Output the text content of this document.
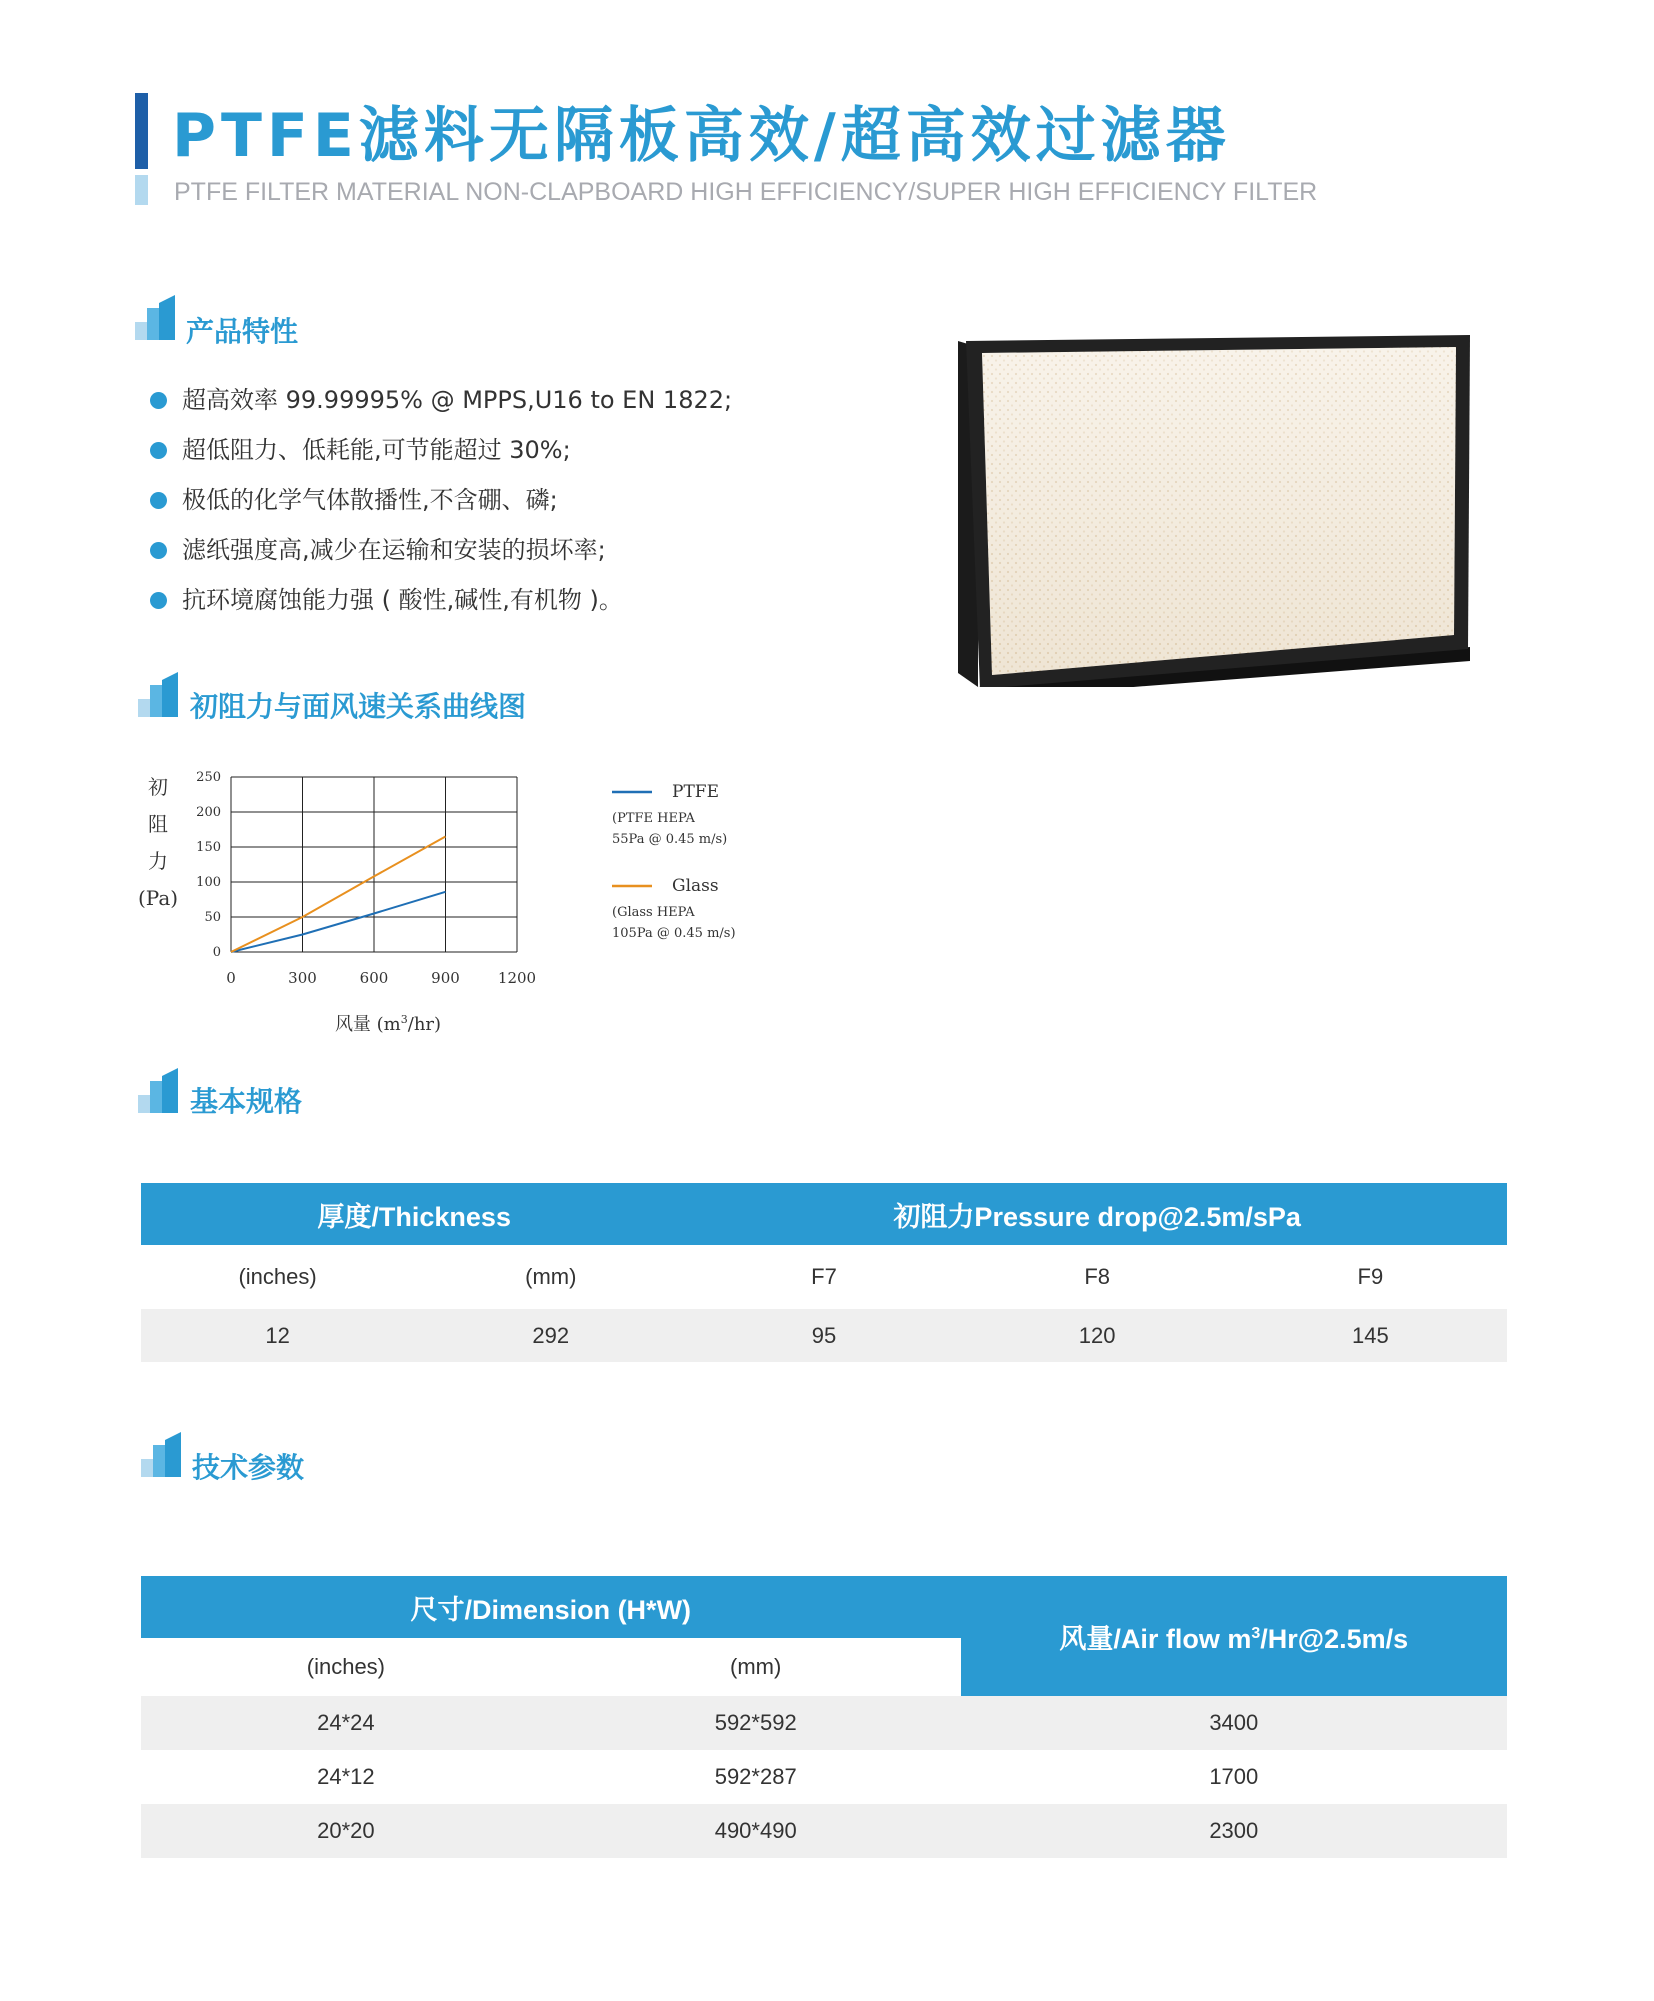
PTFE滤料无隔板高效/超高效过滤器
PTFE FILTER MATERIAL NON-CLAPBOARD HIGH EFFICIENCY/SUPER HIGH EFFICIENCY FILTER
产品特性
超高效率 99.99995% @ MPPS,U16 to EN 1822;
超低阻力、低耗能,可节能超过 30%;
极低的化学气体散播性,不含硼、磷;
滤纸强度高,减少在运输和安装的损坏率;
抗环境腐蚀能力强 ( 酸性,碱性,有机物 )。
初阻力与面风速关系曲线图
0
50
100
150
200
250
0	300	600	900	1200
初
阻
力
(Pa)
风量 $(m^3/hr)$
PTFE
(PTFE HEPA
55Pa @ 0.45 m/s)
Glass
(Glass HEPA
105Pa @ 0.45 m/s)
基本规格
厚度/Thickness		初阻力Pressure drop@2.5m/sPa		
(inches)	(mm)	F7	F8	F9
12	292	95	120	145
技术参数
尺寸/Dimension (H*W)		风量/Air flow $m^3/Hr@2.5m/s$
(inches)	(mm)	
24*24	592*592	3400
24*12	592*287	1700
20*20	490*490	2300
